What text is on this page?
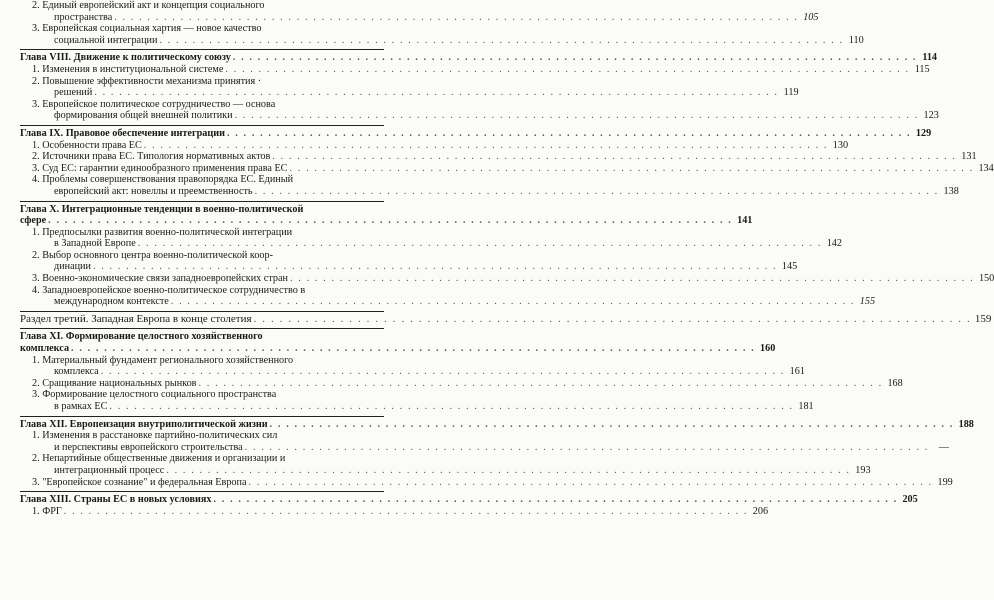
2. Единый европейский акт и концепция социального
пространства . . .	105
3. Европейская социальная хартия — новое качество
социальной интеграции . . .	110
Глава VIII. Движение к политическому союзу . . .	114
1. Изменения в институциональной системе . . .	115
2. Повышение эффективности механизма принятия ·
решений . . .	119
3. Европейское политическое сотрудничество — основа
формирования общей внешней политики . . .	123
Глава IX. Правовое обеспечение интеграции . . .	129
1. Особенности права ЕС . . .	130
2. Источники права ЕС. Типология нормативных актов . . .	131
3. Суд ЕС: гарантии единообразного применения права ЕС . . .	134
4. Проблемы совершенствования правопорядка ЕС. Единый
европейский акт: новеллы и преемственность . . .	138
Глава X. Интеграционные тенденции в военно-политической
сфере . . .	141
1. Предпосылки развития военно-политической интеграции
в Западной Европе . . .	142
2. Выбор основного центра военно-политической коор-
динации . . .	145
3. Военно-экономические связи западноевропейских стран . . .	150
4. Западноевропейское военно-политическое сотрудничество в
международном контексте . . .	155
Раздел третий. Западная Европа в конце столетия . . .	159
Глава XI. Формирование целостного хозяйственного
комплекса . . .	160
1. Материальный фундамент регионального хозяйственного
комплекса . . .	161
2. Сращивание национальных рынков . . .	168
3. Формирование целостного социального пространства
в рамках ЕС . . .	181
Глава XII. Европеизация внутриполитической жизни . . .	188
1. Изменения в расстановке партийно-политических сил
и перспективы европейского строительства . . .	—
2. Непартийные общественные движения и организации и
интеграционный процесс . . .	193
3. "Европейское сознание" и федеральная Европа . . .	199
Глава XIII. Страны ЕС в новых условиях . . .	205
1. ФРГ . . .	206
